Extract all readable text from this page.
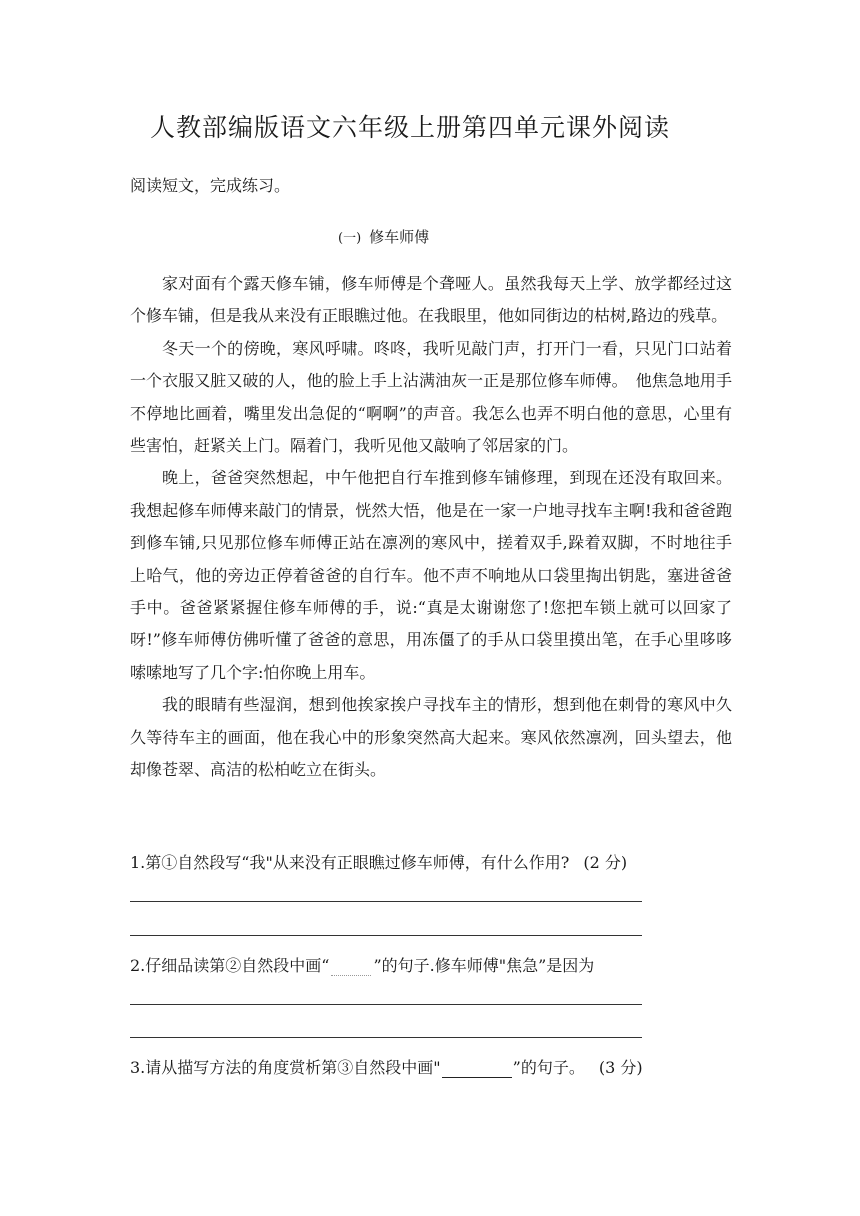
人教部编版语文六年级上册第四单元课外阅读
阅读短文，完成练习。
(一) 修车师傅

家对面有个露天修车铺，修车师傅是个聋哑人。虽然我每天上学、放学都经过这个修车铺，但是我从来没有正眼瞧过他。在我眼里，他如同街边的枯树,路边的残草。

冬天一个的傍晚，寒风呼啸。咚咚，我听见敲门声，打开门一看，只见门口站着一个衣服又脏又破的人，他的脸上手上沾满油灰一正是那位修车师傅。　他焦急地用手不停地比画着，嘴里发出急促的“啊啊”的声音。我怎么也弄不明白他的意思，心里有些害怕，赶紧关上门。隔着门，我听见他又敲响了邻居家的门。

晚上，爸爸突然想起，中午他把自行车推到修车铺修理，到现在还没有取回来。我想起修车师傅来敲门的情景，恍然大悟，他是在一家一户地寻找车主啊!我和爸爸跑到修车铺,只见那位修车师傅正站在凛冽的寒风中，搓着双手,跺着双脚，不时地往手上哈气，他的旁边正停着爸爸的自行车。他不声不响地从口袋里掏出钥匙，塞进爸爸手中。爸爸紧紧握住修车师傅的手，说:“真是太谢谢您了!您把车锁上就可以回家了呀!”修车师傅仿佛听懂了爸爸的意思，用冻僵了的手从口袋里摸出笔，在手心里哆哆嗦嗦地写了几个字:怕你晚上用车。

我的眼睛有些湿润，想到他挨家挨户寻找车主的情形，想到他在刺骨的寒风中久久等待车主的画面，他在我心中的形象突然高大起来。寒风依然凛冽，回头望去，他却像苍翠、高洁的松柏屹立在街头。

1.第①自然段写“我"从来没有正眼瞧过修车师傅，有什么作用? (2 分)
2.仔细品读第②自然段中画“	”的句子.修车师傅"焦急”是因为
3.请从描写方法的角度赏析第③自然段中画"	”的句子。 (3 分)
